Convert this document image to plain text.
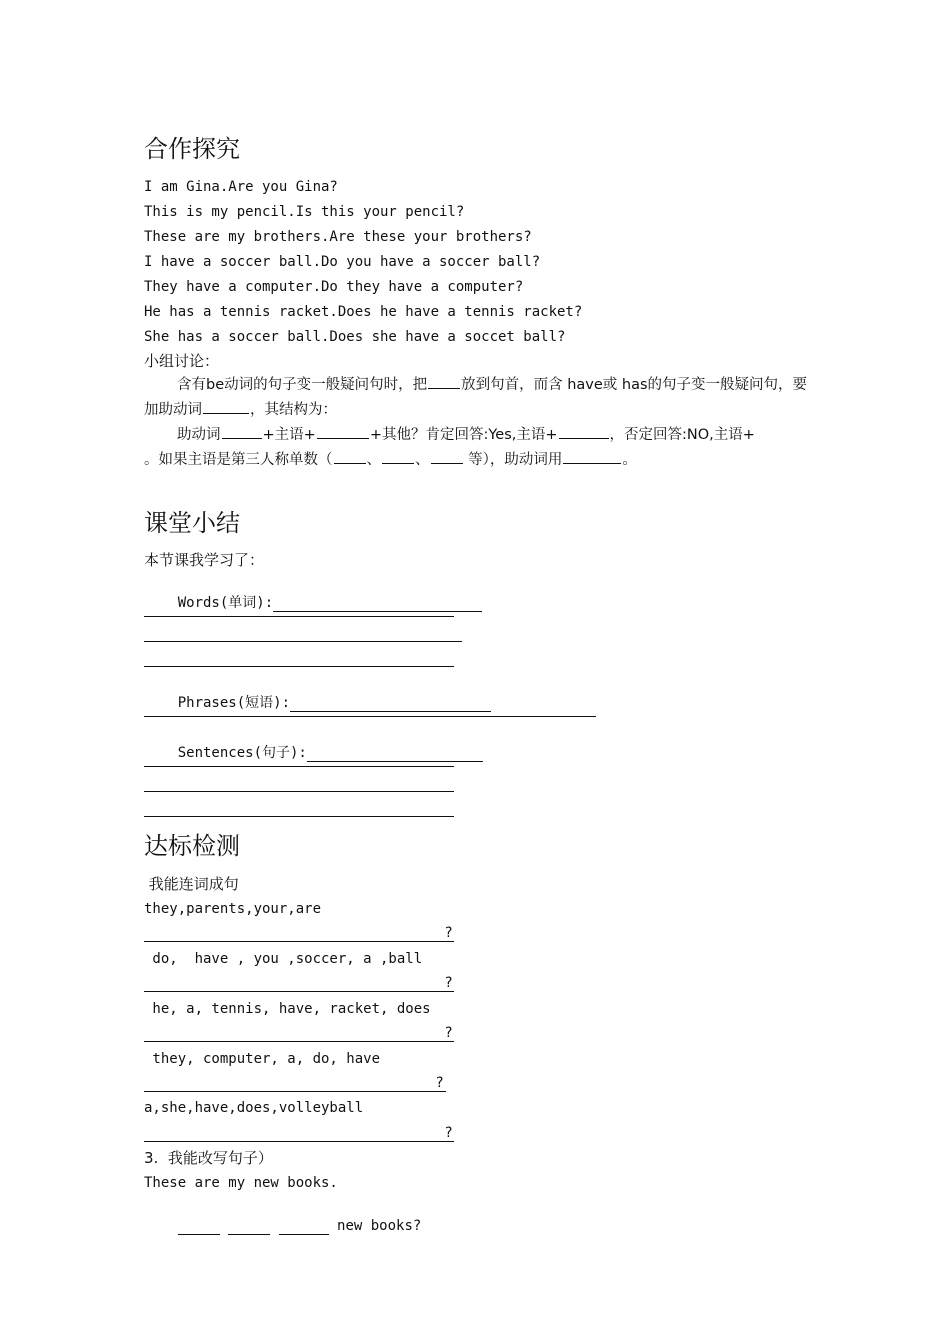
合作探究
I am Gina.Are you Gina?
This is my pencil.Is this your pencil?
These are my brothers.Are these your brothers?
I have a soccer ball.Do you have a soccer ball?
They have a computer.Do they have a computer?
He has a tennis racket.Does he have a tennis racket?
She has a soccer ball.Does she have a soccet ball?
小组讨论：
含有be动词的句子变一般疑问句时，把 放到句首，而含 have或 has的句子变一般疑问句，要加助动词	，其结构为：
助动词	+主语+	+其他？肯定回答:Yes,主语+	，否定回答:NO,主语+
。如果主语是第三人称单数（ 、 、 等），助动词用	。
课堂小结
本节课我学习了：

Words(单词):

Phrases(短语):

Sentences(句子):

达标检测
我能连词成句
they,parents,your,are
?
do,  have , you ,soccer, a ,ball
?
he, a, tennis, have, racket, does
?
they, computer, a, do, have
?
a,she,have,does,volleyball
?
3.  我能改写句子）
These are my new books.

new books?
